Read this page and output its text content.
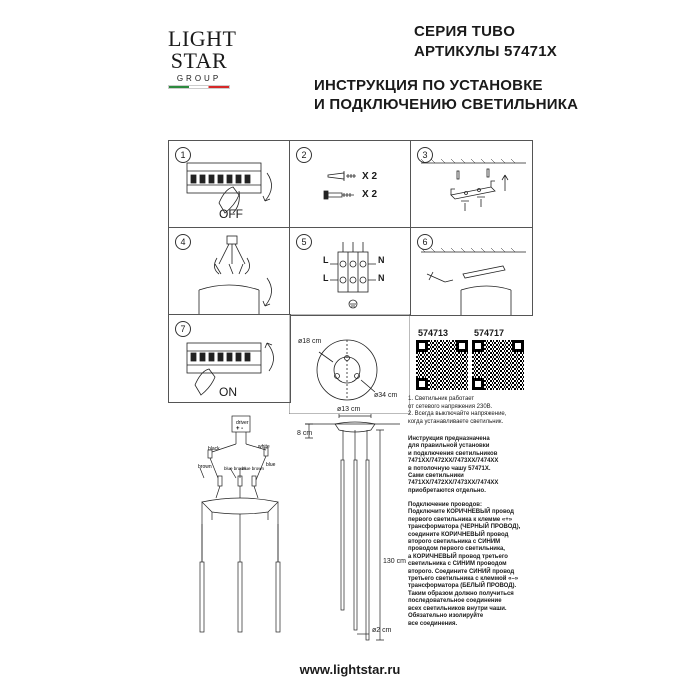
LIGHT
STAR
GROUP
СЕРИЯ TUBO
АРТИКУЛЫ 57471X
ИНСТРУКЦИЯ ПО УСТАНОВКЕ
И ПОДКЛЮЧЕНИЮ СВЕТИЛЬНИКА
1
OFF
2
X 2
X 2
3
4	5
L	N
L	N
6
7
ON
ø18 cm
ø34 cm
574713	574717
1. Светильник работает
от сетевого напряжения 230В.
2. Всегда выключайте напряжение,
когда устанавливаете светильник.
Инструкция предназначена
для правильной установки
и подключения светильников
7471XX/7472XX/7473XX/7474XX
в потолочную чашу 57471X.
Сами светильники
7471XX/7472XX/7473XX/7474XX
приобретаются отдельно.
Подключение проводов:
Подключите КОРИЧНЕВЫЙ провод
первого светильника к клемме «+»
трансформатора (ЧЕРНЫЙ ПРОВОД),
соедините КОРИЧНЕВЫЙ провод
второго светильника с СИНИМ
проводом первого светильника,
а КОРИЧНЕВЫЙ провод третьего
светильника с СИНИМ проводом
второго. Соедините СИНИЙ провод
третьего светильника с клеммой «–»
трансформатора (БЕЛЫЙ ПРОВОД).
Таким образом должно получиться
последовательное соединение
всех светильников внутри чаши.
Обязательно изолируйте
все соединения.
driver
+ -
black	white
brown	blue
blue brown
blue brown
ø13 cm
8 cm
130 cm
ø2 cm
www.lightstar.ru
